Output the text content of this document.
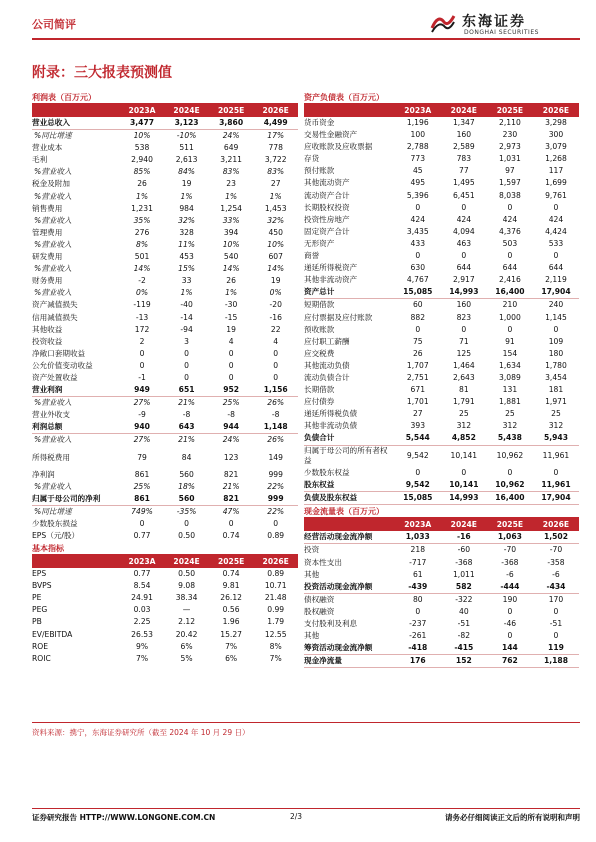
公司简评	东海证券
DONGHAI SECURITIES
附录：三大报表预测值
利润表（百万元）
	2023A	2024E	2025E	2026E
营业总收入	3,477	3,123	3,860	4,499
%同比增速	10%	-10%	24%	17%
营业成本	538	511	649	778
毛利	2,940	2,613	3,211	3,722
%营业收入	85%	84%	83%	83%
税金及附加	26	19	23	27
%营业收入	1%	1%	1%	1%
销售费用	1,231	984	1,254	1,453
%营业收入	35%	32%	33%	32%
管理费用	276	328	394	450
%营业收入	8%	11%	10%	10%
研发费用	501	453	540	607
%营业收入	14%	15%	14%	14%
财务费用	-2	33	26	19
%营业收入	0%	1%	1%	0%
资产减值损失	-119	-40	-30	-20
信用减值损失	-13	-14	-15	-16
其他收益	172	-94	19	22
投资收益	2	3	4	4
净敞口套期收益	0	0	0	0
公允价值变动收益	0	0	0	0
资产处置收益	-1	0	0	0
营业利润	949	651	952	1,156
%营业收入	27%	21%	25%	26%
营业外收支	-9	-8	-8	-8
利润总额	940	643	944	1,148
%营业收入	27%	21%	24%	26%
所得税费用	79	84	123	149
净利润	861	560	821	999
%营业收入	25%	18%	21%	22%
归属于母公司的净利	861	560	821	999
%同比增速	749%	-35%	47%	22%
少数股东损益	0	0	0	0
EPS（元/股）	0.77	0.50	0.74	0.89
基本指标
	2023A	2024E	2025E	2026E
EPS	0.77	0.50	0.74	0.89
BVPS	8.54	9.08	9.81	10.71
PE	24.91	38.34	26.12	21.48
PEG	0.03	—	0.56	0.99
PB	2.25	2.12	1.96	1.79
EV/EBITDA	26.53	20.42	15.27	12.55
ROE	9%	6%	7%	8%
ROIC	7%	5%	6%	7%
资产负债表（百万元）
	2023A	2024E	2025E	2026E
货币资金	1,196	1,347	2,110	3,298
交易性金融资产	100	160	230	300
应收账款及应收票据	2,788	2,589	2,973	3,079
存货	773	783	1,031	1,268
预付账款	45	77	97	117
其他流动资产	495	1,495	1,597	1,699
流动资产合计	5,396	6,451	8,038	9,761
长期股权投资	0	0	0	0
投资性房地产	424	424	424	424
固定资产合计	3,435	4,094	4,376	4,424
无形资产	433	463	503	533
商誉	0	0	0	0
递延所得税资产	630	644	644	644
其他非流动资产	4,767	2,917	2,416	2,119
资产总计	15,085	14,993	16,400	17,904
短期借款	60	160	210	240
应付票据及应付账款	882	823	1,000	1,145
预收账款	0	0	0	0
应付职工薪酬	75	71	91	109
应交税费	26	125	154	180
其他流动负债	1,707	1,464	1,634	1,780
流动负债合计	2,751	2,643	3,089	3,454
长期借款	671	81	131	181
应付债券	1,701	1,791	1,881	1,971
递延所得税负债	27	25	25	25
其他非流动负债	393	312	312	312
负债合计	5,544	4,852	5,438	5,943
归属于母公司的所有者权益	9,542	10,141	10,962	11,961
少数股东权益	0	0	0	0
股东权益	9,542	10,141	10,962	11,961
负债及股东权益	15,085	14,993	16,400	17,904
现金流量表（百万元）
	2023A	2024E	2025E	2026E
经营活动现金流净额	1,033	-16	1,063	1,502
投资	218	-60	-70	-70
资本性支出	-717	-368	-368	-358
其他	61	1,011	-6	-6
投资活动现金流净额	-439	582	-444	-434
债权融资	80	-322	190	170
股权融资	0	40	0	0
支付股利及利息	-237	-51	-46	-51
其他	-261	-82	0	0
筹资活动现金流净额	-418	-415	144	119
现金净流量	176	152	762	1,188
资料来源：携宁，东海证券研究所（截至 2024 年 10 月 29 日）
证券研究报告 HTTP://WWW.LONGONE.COM.CN	2/3	请务必仔细阅读正文后的所有说明和声明
